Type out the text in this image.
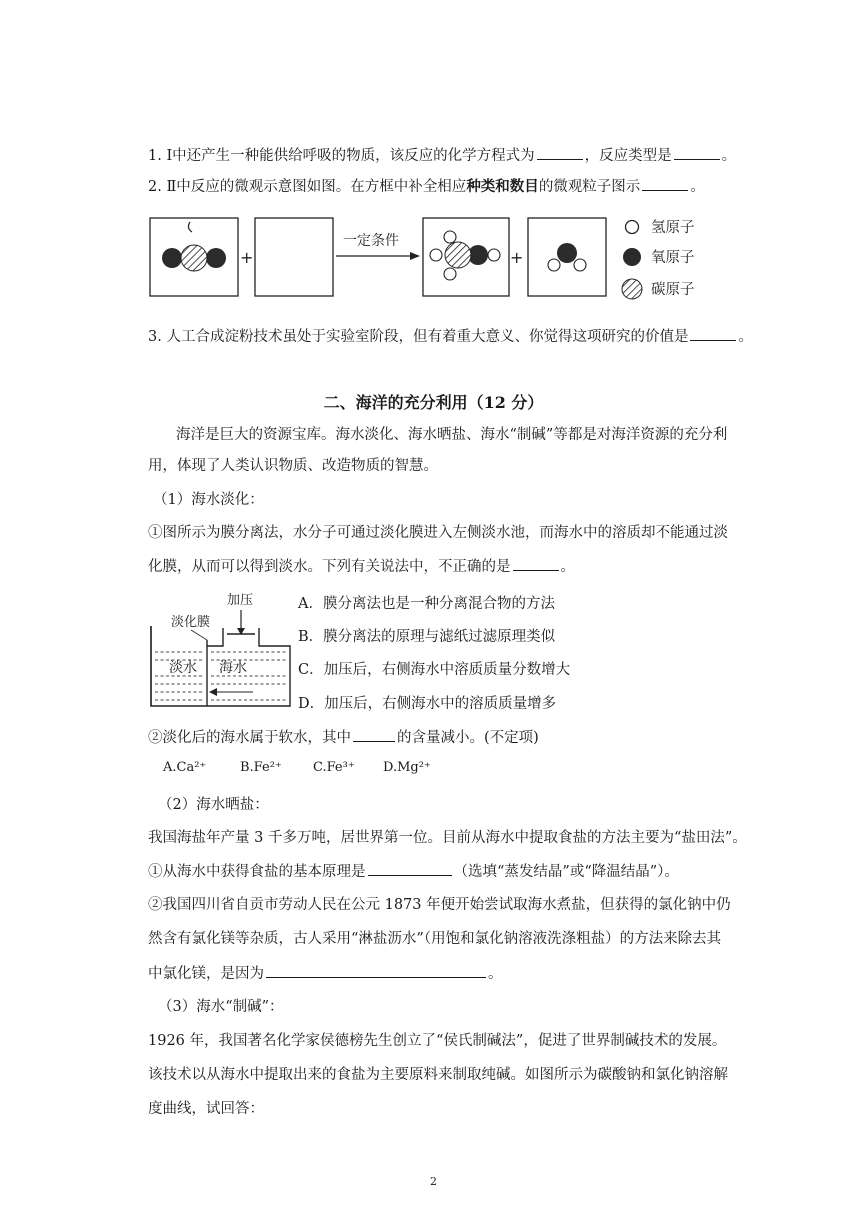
1. Ⅰ中还产生一种能供给呼吸的物质，该反应的化学方程式为	，反应类型是	。
2. Ⅱ中反应的微观示意图如图。在方框中补全相应种类和数目的微观粒子图示	。
+
一定条件
+
氢原子
氧原子
碳原子
3. 人工合成淀粉技术虽处于实验室阶段，但有着重大意义、你觉得这项研究的价值是	。
二、海洋的充分利用（12 分）
海洋是巨大的资源宝库。海水淡化、海水晒盐、海水“制碱”等都是对海洋资源的充分利
用，体现了人类认识物质、改造物质的智慧。
（1）海水淡化：
①图所示为膜分离法，水分子可通过淡化膜进入左侧淡水池，而海水中的溶质却不能通过淡
化膜，从而可以得到淡水。下列有关说法中，不正确的是	。
加压
淡化膜
淡水 海水
A．膜分离法也是一种分离混合物的方法
B．膜分离法的原理与滤纸过滤原理类似
C．加压后，右侧海水中溶质质量分数增大
D．加压后，右侧海水中的溶质质量增多
②淡化后的海水属于软水，其中	的含量减小。(不定项)
A.Ca²⁺	B.Fe²⁺ C.Fe³⁺ D.Mg²⁺
（2）海水晒盐：
我国海盐年产量 3 千多万吨，居世界第一位。目前从海水中提取食盐的方法主要为“盐田法”。
①从海水中获得食盐的基本原理是	（选填“蒸发结晶”或“降温结晶”）。
②我国四川省自贡市劳动人民在公元 1873 年便开始尝试取海水煮盐，但获得的氯化钠中仍
然含有氯化镁等杂质，古人采用“淋盐沥水”（用饱和氯化钠溶液洗涤粗盐）的方法来除去其
中氯化镁，是因为	。
（3）海水“制碱”：
1926 年，我国著名化学家侯德榜先生创立了“侯氏制碱法”，促进了世界制碱技术的发展。
该技术以从海水中提取出来的食盐为主要原料来制取纯碱。如图所示为碳酸钠和氯化钠溶解
度曲线，试回答：
2
